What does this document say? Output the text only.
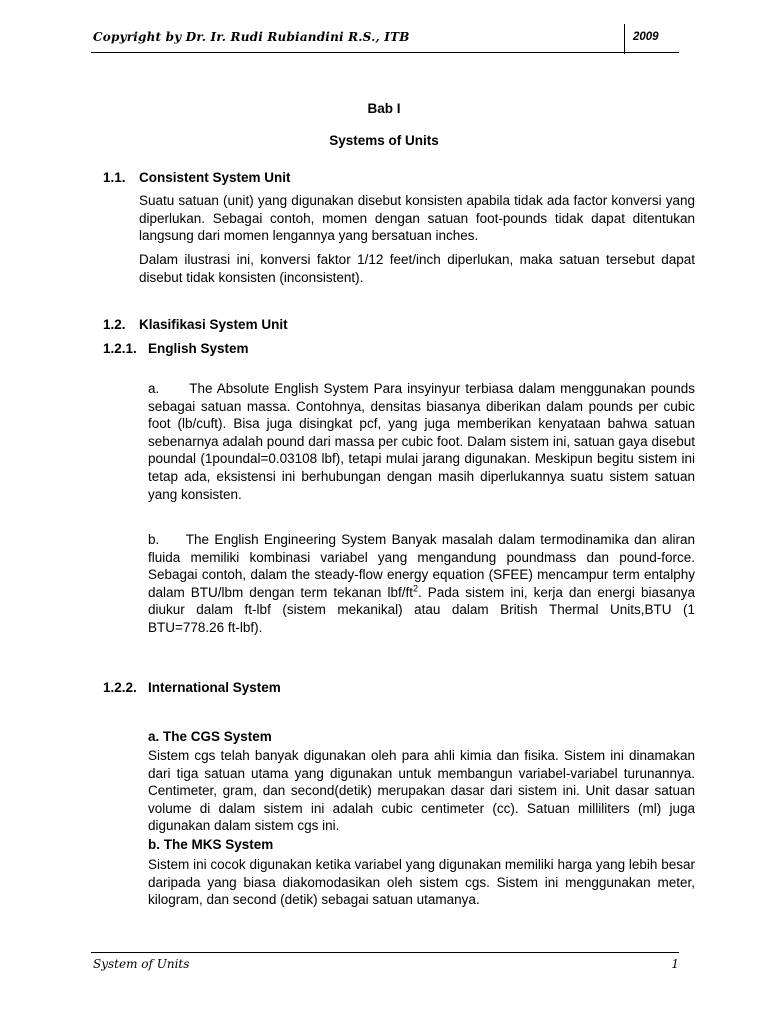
Copyright by Dr. Ir. Rudi Rubiandini R.S., ITB	2009
Bab I
Systems of Units
1.1. Consistent System Unit

Suatu satuan (unit) yang digunakan disebut konsisten apabila tidak ada factor konversi yang diperlukan. Sebagai contoh, momen dengan satuan foot-pounds tidak dapat ditentukan langsung dari momen lengannya yang bersatuan inches.

Dalam ilustrasi ini, konversi faktor 1/12 feet/inch diperlukan, maka satuan tersebut dapat disebut tidak konsisten (inconsistent).

1.2. Klasifikasi System Unit
1.2.1. English System

a.      The Absolute English System Para insyinyur terbiasa dalam menggunakan pounds sebagai satuan massa. Contohnya, densitas biasanya diberikan dalam pounds per cubic foot (lb/cuft). Bisa juga disingkat pcf, yang juga memberikan kenyataan bahwa satuan sebenarnya adalah pound dari massa per cubic foot. Dalam sistem ini, satuan gaya disebut poundal (1poundal=0.03108 lbf), tetapi mulai jarang digunakan. Meskipun begitu sistem ini tetap ada, eksistensi ini berhubungan dengan masih diperlukannya suatu sistem satuan yang konsisten.

b.     The English Engineering System Banyak masalah dalam termodinamika dan aliran fluida memiliki kombinasi variabel yang mengandung poundmass dan pound-force. Sebagai contoh, dalam the steady-flow energy equation (SFEE) mencampur term entalphy dalam BTU/lbm dengan term tekanan lbf/$ft^2$. Pada sistem ini, kerja dan energi biasanya diukur dalam ft-lbf (sistem mekanikal) atau dalam British Thermal Units,BTU (1 BTU=778.26 ft-lbf).

1.2.2. International System
a. The CGS System

Sistem cgs telah banyak digunakan oleh para ahli kimia dan fisika. Sistem ini dinamakan dari tiga satuan utama yang digunakan untuk membangun variabel-variabel turunannya. Centimeter, gram, dan second(detik) merupakan dasar dari sistem ini. Unit dasar satuan volume di dalam sistem ini adalah cubic centimeter (cc). Satuan milliliters (ml) juga digunakan dalam sistem cgs ini.

b. The MKS System

Sistem ini cocok digunakan ketika variabel yang digunakan memiliki harga yang lebih besar daripada yang biasa diakomodasikan oleh sistem cgs. Sistem ini menggunakan meter, kilogram, dan second (detik) sebagai satuan utamanya.

System of Units	1
